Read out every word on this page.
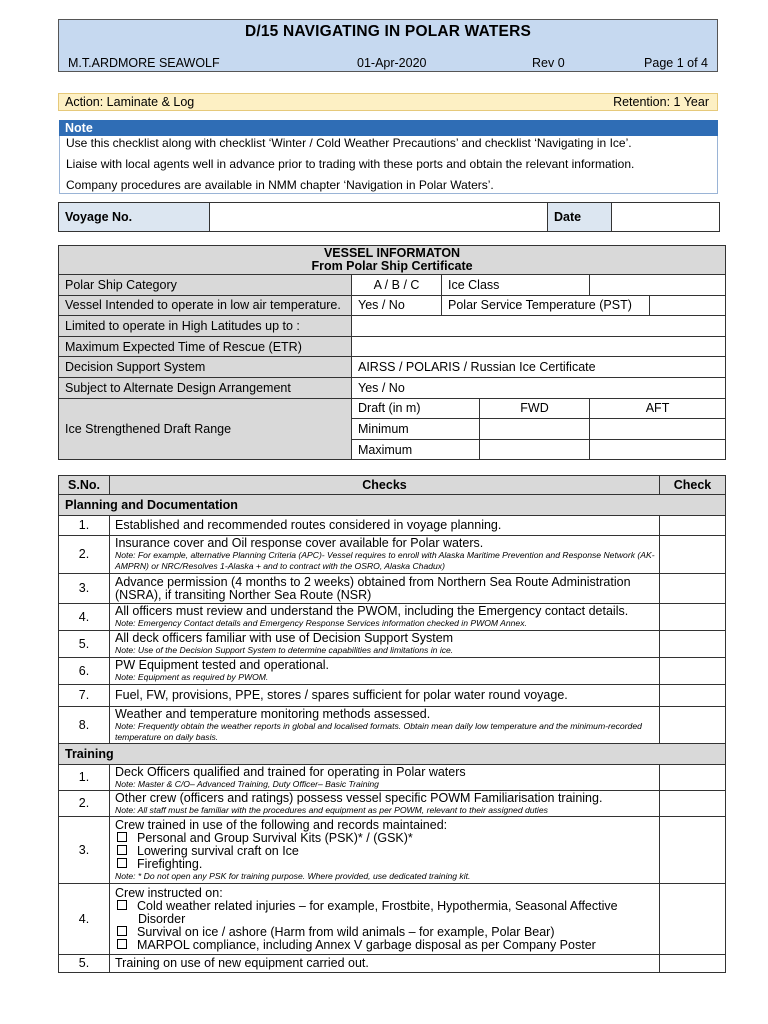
D/15 NAVIGATING IN POLAR WATERS
M.T.ARDMORE SEAWOLF	01-Apr-2020	Rev 0	Page 1 of 4
Action: Laminate & Log	Retention: 1 Year
Note
Use this checklist along with checklist ‘Winter / Cold Weather Precautions’ and checklist ‘Navigating in Ice’.
Liaise with local agents well in advance prior to trading with these ports and obtain the relevant information.
Company procedures are available in NMM chapter ‘Navigation in Polar Waters’.
Voyage No.		Date	
VESSEL INFORMATON
From Polar Ship Certificate					

Polar Ship Category	A / B / C	Ice Class			
Vessel Intended to operate in low air temperature.	Yes / No	Polar Service Temperature (PST)			
Limited to operate in High Latitudes up to :					
Maximum Expected Time of Rescue (ETR)					
Decision Support System	AIRSS / POLARIS / Russian Ice Certificate				
Subject to Alternate Design Arrangement	Yes / No				
Ice Strengthened Draft Range	Draft (in m)		FWD	AFT	
	Minimum				
	Maximum				
S.No.	Checks	Check
Planning and Documentation		
1.	Established and recommended routes considered in voyage planning.	

2.	Insurance cover and Oil response cover available for Polar waters.
Note: For example, alternative Planning Criteria (APC)- Vessel requires to enroll with Alaska Maritime Prevention and Response Network (AK-AMPRN) or NRC/Resolves 1-Alaska + and to contract with the OSRO, Alaska Chadux)	

3.	Advance permission (4 months to 2 weeks) obtained from Northern Sea Route Administration (NSRA), if transiting Norther Sea Route (NSR)	

4.	All officers must review and understand the PWOM, including the Emergency contact details.
Note: Emergency Contact details and Emergency Response Services information checked in PWOM Annex.	

5.	All deck officers familiar with use of Decision Support System
Note: Use of the Decision Support System to determine capabilities and limitations in ice.	

6.	PW Equipment tested and operational.
Note: Equipment as required by PWOM.	

7.	Fuel, FW, provisions, PPE, stores / spares sufficient for polar water round voyage.	

8.	Weather and temperature monitoring methods assessed.
Note: Frequently obtain the weather reports in global and localised formats. Obtain mean daily low temperature and the minimum-recorded temperature on daily basis.	

Training		
1.	Deck Officers qualified and trained for operating in Polar waters
Note: Master & C/O– Advanced Training, Duty Officer– Basic Training	

2.	Other crew (officers and ratings) possess vessel specific POWM Familiarisation training.
Note: All staff must be familiar with the procedures and equipment as per POWM, relevant to their assigned duties	

3.	Crew trained in use of the following and records maintained:
Personal and Group Survival Kits (PSK)* / (GSK)*
Lowering survival craft on Ice
Firefighting.
Note: * Do not open any PSK for training purpose. Where provided, use dedicated training kit.	

4.	Crew instructed on:
Cold weather related injuries – for example, Frostbite, Hypothermia, Seasonal Affective
Disorder
Survival on ice / ashore (Harm from wild animals – for example, Polar Bear)
MARPOL compliance, including Annex V garbage disposal as per Company Poster	

5.	Training on use of new equipment carried out.	
